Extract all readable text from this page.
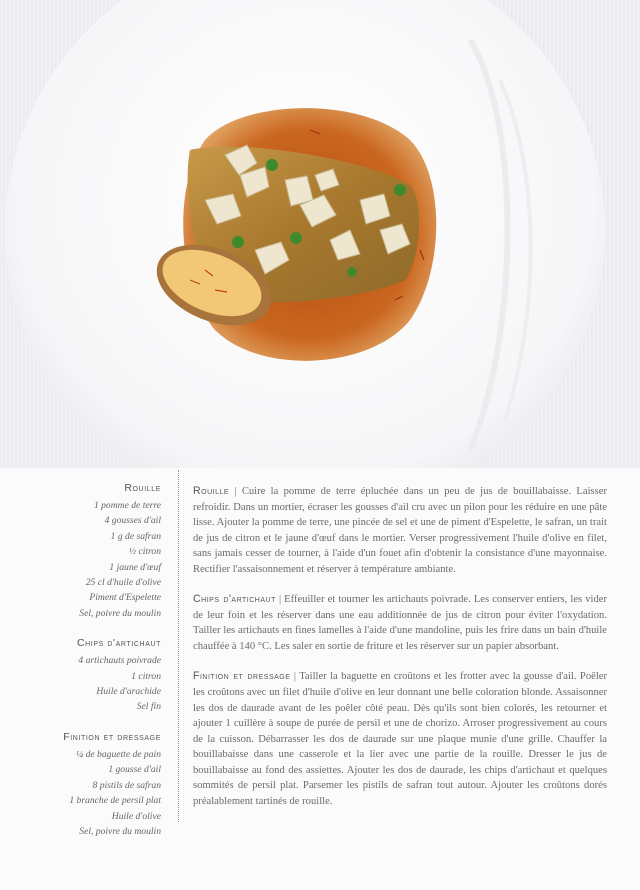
Rouille
1 pomme de terre
4 gousses d'ail
1 g de safran
½ citron
1 jaune d'œuf
25 cl d'huile d'olive
Piment d'Espelette
Sel, poivre du moulin
Chips d'artichaut
4 artichauts poivrade
1 citron
Huile d'arachide
Sel fin
Finition et dressage
¼ de baguette de pain
1 gousse d'ail
8 pistils de safran
1 branche de persil plat
Huile d'olive
Sel, poivre du moulin

Rouille | Cuire la pomme de terre épluchée dans un peu de jus de bouillabaisse. Laisser refroidir. Dans un mortier, écraser les gousses d'ail cru avec un pilon pour les réduire en une pâte lisse. Ajouter la pomme de terre, une pincée de sel et une de piment d'Espelette, le safran, un trait de jus de citron et le jaune d'œuf dans le mortier. Verser progressivement l'huile d'olive en filet, sans jamais cesser de tourner, à l'aide d'un fouet afin d'obtenir la consistance d'une mayonnaise. Rectifier l'assaisonnement et réserver à température ambiante.

Chips d'artichaut | Effeuiller et tourner les artichauts poivrade. Les conserver entiers, les vider de leur foin et les réserver dans une eau additionnée de jus de citron pour éviter l'oxydation. Tailler les artichauts en fines lamelles à l'aide d'une mandoline, puis les frire dans un bain d'huile chauffée à 140 °C. Les saler en sortie de friture et les réserver sur un papier absorbant.

Finition et dressage | Tailler la baguette en croûtons et les frotter avec la gousse d'ail. Poêler les croûtons avec un filet d'huile d'olive en leur donnant une belle coloration blonde. Assaisonner les dos de daurade avant de les poêler côté peau. Dès qu'ils sont bien colorés, les retourner et ajouter 1 cuillère à soupe de purée de persil et une de chorizo. Arroser progressivement au cours de la cuisson. Débarrasser les dos de daurade sur une plaque munie d'une grille. Chauffer la bouillabaisse dans une casserole et la lier avec une partie de la rouille. Dresser le jus de bouillabaisse au fond des assiettes. Ajouter les dos de daurade, les chips d'artichaut et quelques sommités de persil plat. Parsemer les pistils de safran tout autour. Ajouter les croûtons dorés préalablement tartinés de rouille.
